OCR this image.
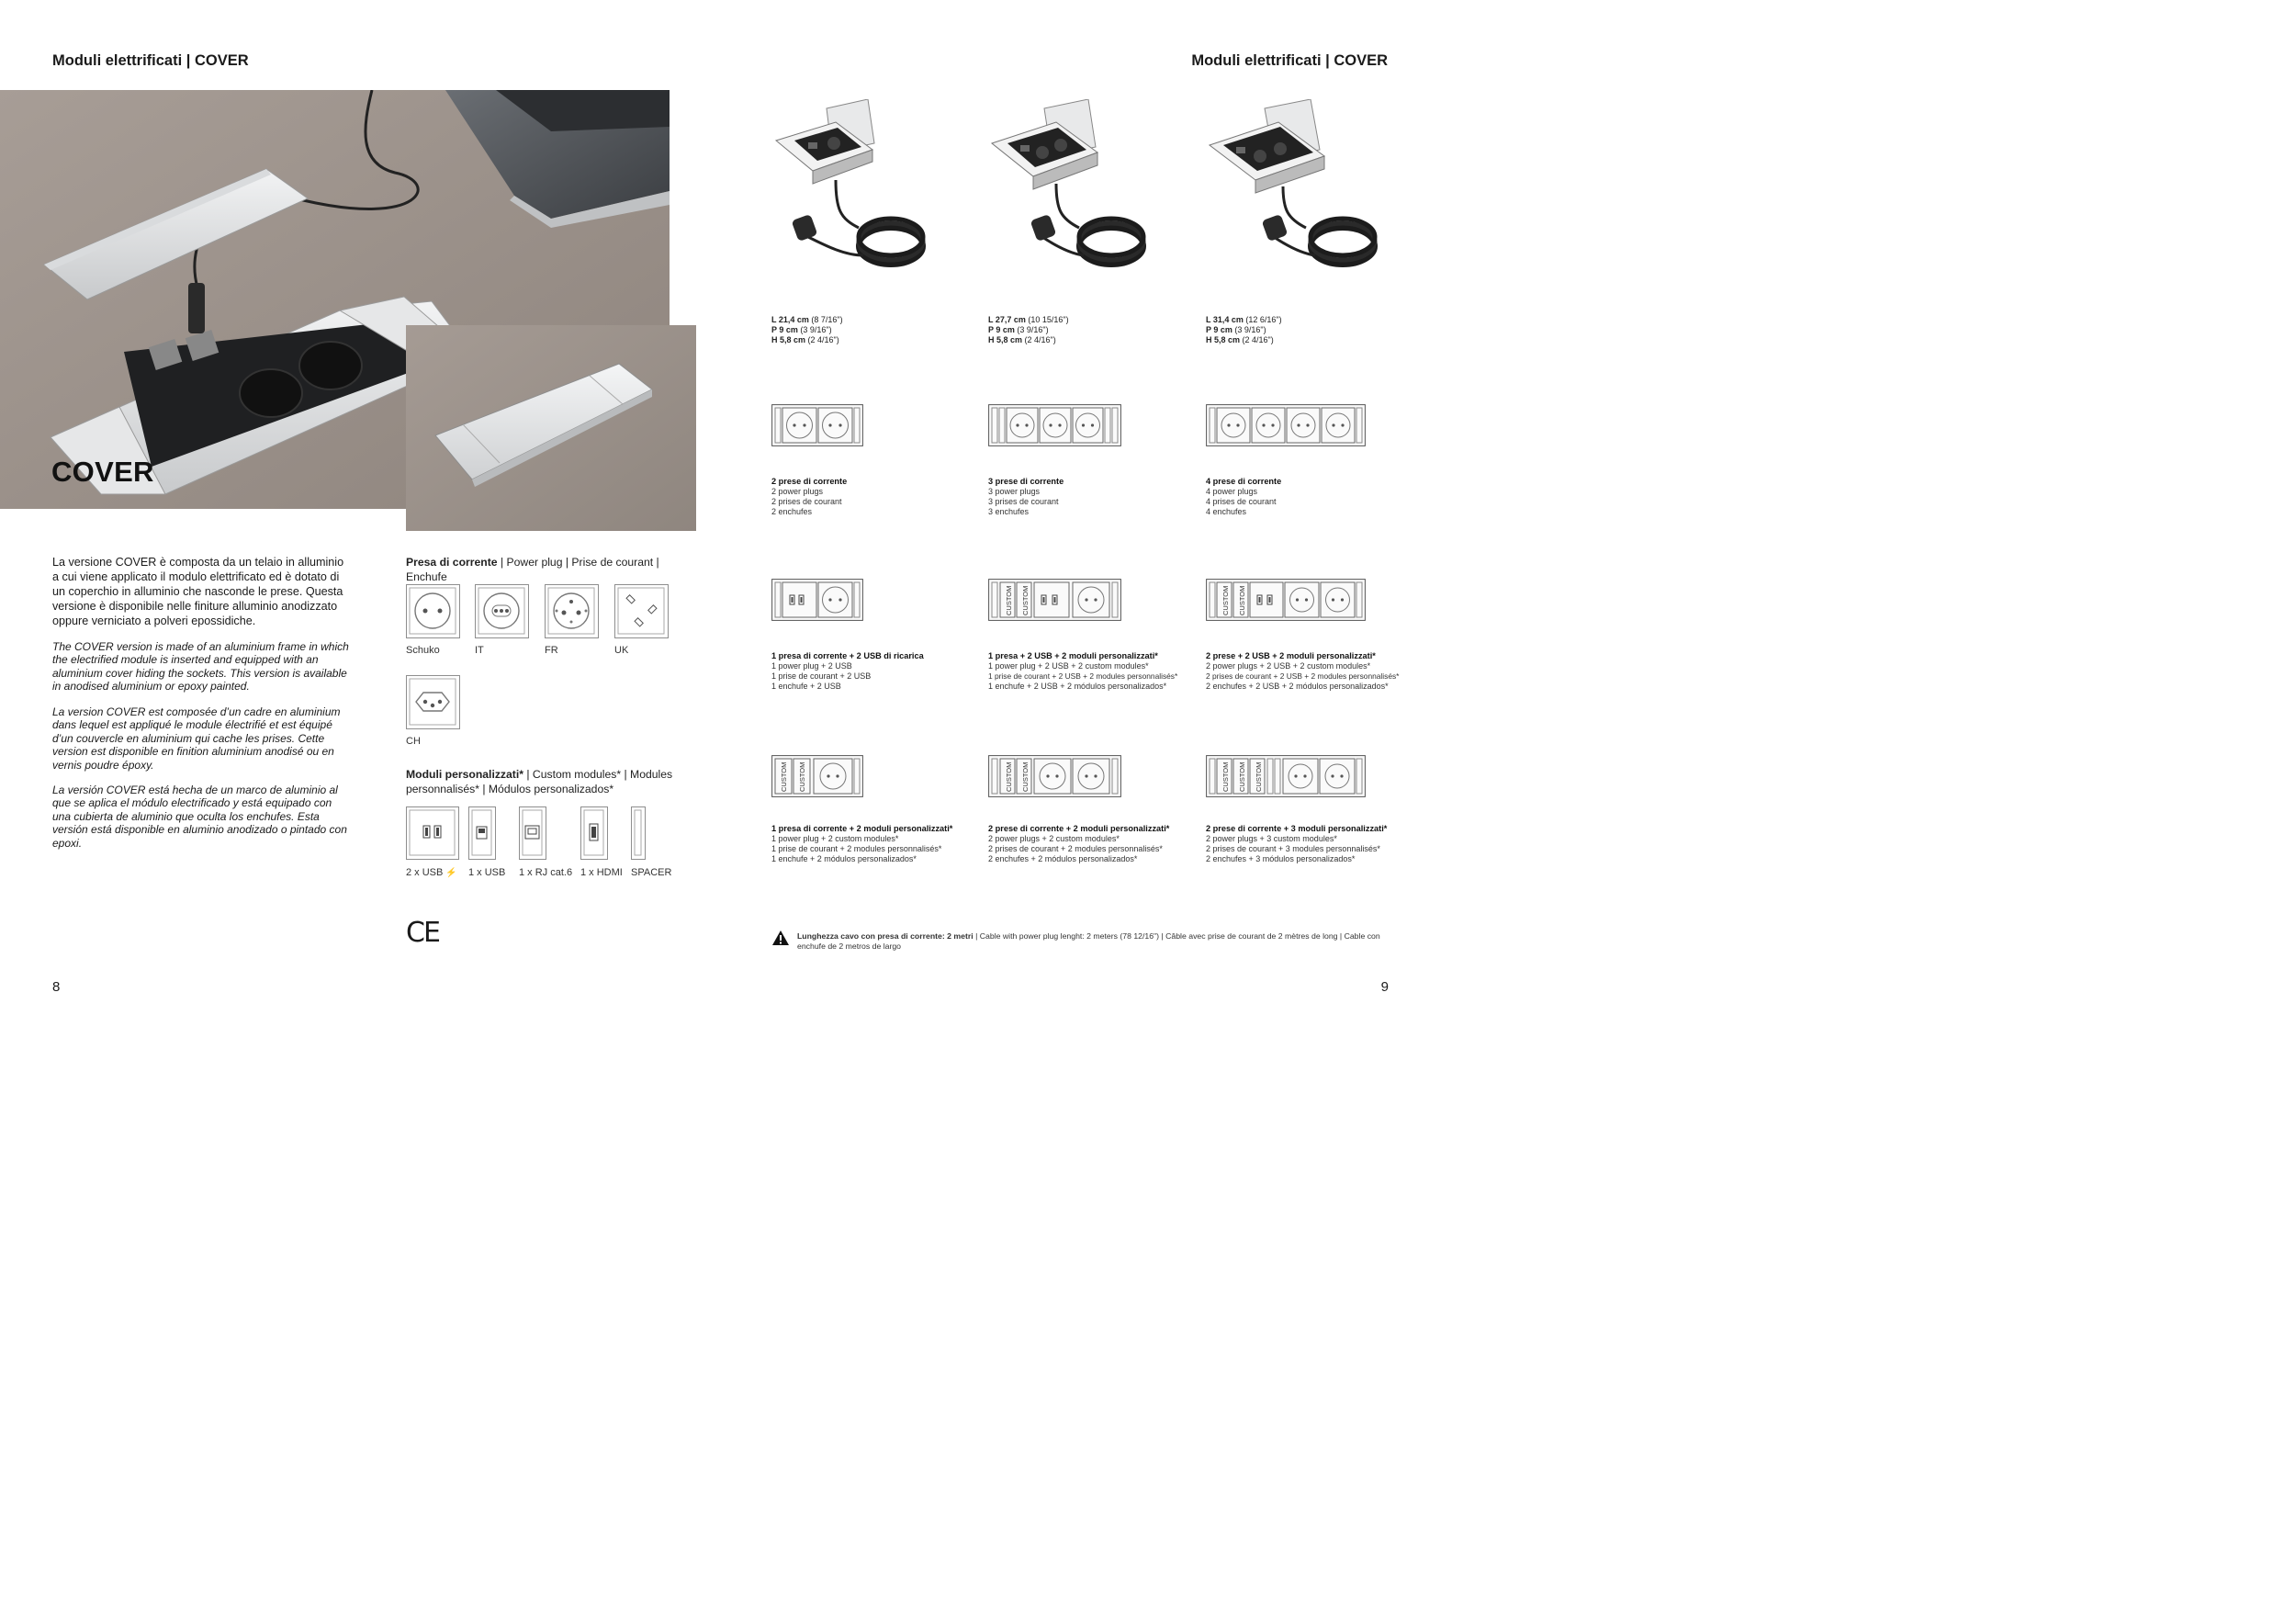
Moduli elettrificati | COVER	Moduli elettrificati | COVER
COVER
La versione COVER è composta da un telaio in alluminio a cui viene applicato il modulo elettrificato ed è dotato di un coperchio in alluminio che nasconde le prese. Questa versione è disponibile nelle finiture alluminio anodizzato oppure verniciato a polveri epossidiche.
The COVER version is made of an aluminium frame in which the electrified module is inserted and equipped with an aluminium cover hiding the sockets. This version is available in anodised aluminium or epoxy painted.
La version COVER est composée d’un cadre en aluminium dans lequel est appliqué le module électrifié et est équipé d’un couvercle en aluminium qui cache les prises. Cette version est disponible en finition aluminium anodisé ou en vernis poudre époxy.
La versión COVER está hecha de un marco de aluminio al que se aplica el módulo electrificado y está equipado con una cubierta de aluminio que oculta los enchufes. Esta versión está disponible en aluminio anodizado o pintado con epoxi.
Presa di corrente | Power plug | Prise de courant | Enchufe
Schuko	IT	FR	UK
CH
Moduli personalizzati* | Custom modules* | Modules personnalisés* | Módulos personalizados*
2 x USB ⚡ 1 x USB 1 x RJ cat.6 1 x HDMI SPACER
CE
L 21,4 cm (8 7/16")
P 9 cm (3 9/16")
H 5,8 cm (2 4/16")
L 27,7 cm (10 15/16")
P 9 cm (3 9/16")
H 5,8 cm (2 4/16")
L 31,4 cm (12 6/16")
P 9 cm (3 9/16")
H 5,8 cm (2 4/16")
2 prese di corrente
2 power plugs
2 prises de courant
2 enchufes
3 prese di corrente
3 power plugs
3 prises de courant
3 enchufes
4 prese di corrente
4 power plugs
4 prises de courant
4 enchufes
CUSTOM CUSTOM	CUSTOM CUSTOM
1 presa di corrente + 2 USB di ricarica
1 power plug + 2 USB
1 prise de courant + 2 USB
1 enchufe + 2 USB
1 presa + 2 USB + 2 moduli personalizzati*
1 power plug + 2 USB + 2 custom modules*
1 prise de courant + 2 USB + 2 modules personnalisés*
1 enchufe + 2 USB + 2 módulos personalizados*
2 prese + 2 USB + 2 moduli personalizzati*
2 power plugs + 2 USB + 2 custom modules*
2 prises de courant + 2 USB + 2 modules personnalisés*
2 enchufes + 2 USB + 2 módulos personalizados*
CUSTOM CUSTOM	CUSTOM CUSTOM	CUSTOM CUSTOM CUSTOM
1 presa di corrente + 2 moduli personalizzati*
1 power plug + 2 custom modules*
1 prise de courant + 2 modules personnalisés*
1 enchufe + 2 módulos personalizados*
2 prese di corrente + 2 moduli personalizzati*
2 power plugs + 2 custom modules*
2 prises de courant + 2 modules personnalisés*
2 enchufes + 2 módulos personalizados*
2 prese di corrente + 3 moduli personalizzati*
2 power plugs + 3 custom modules*
2 prises de courant + 3 modules personnalisés*
2 enchufes + 3 módulos personalizados*
Lunghezza cavo con presa di corrente: 2 metri | Cable with power plug lenght: 2 meters (78 12/16") | Câble avec prise de courant de 2 mètres de long | Cable con enchufe de 2 metros de largo
8	9
